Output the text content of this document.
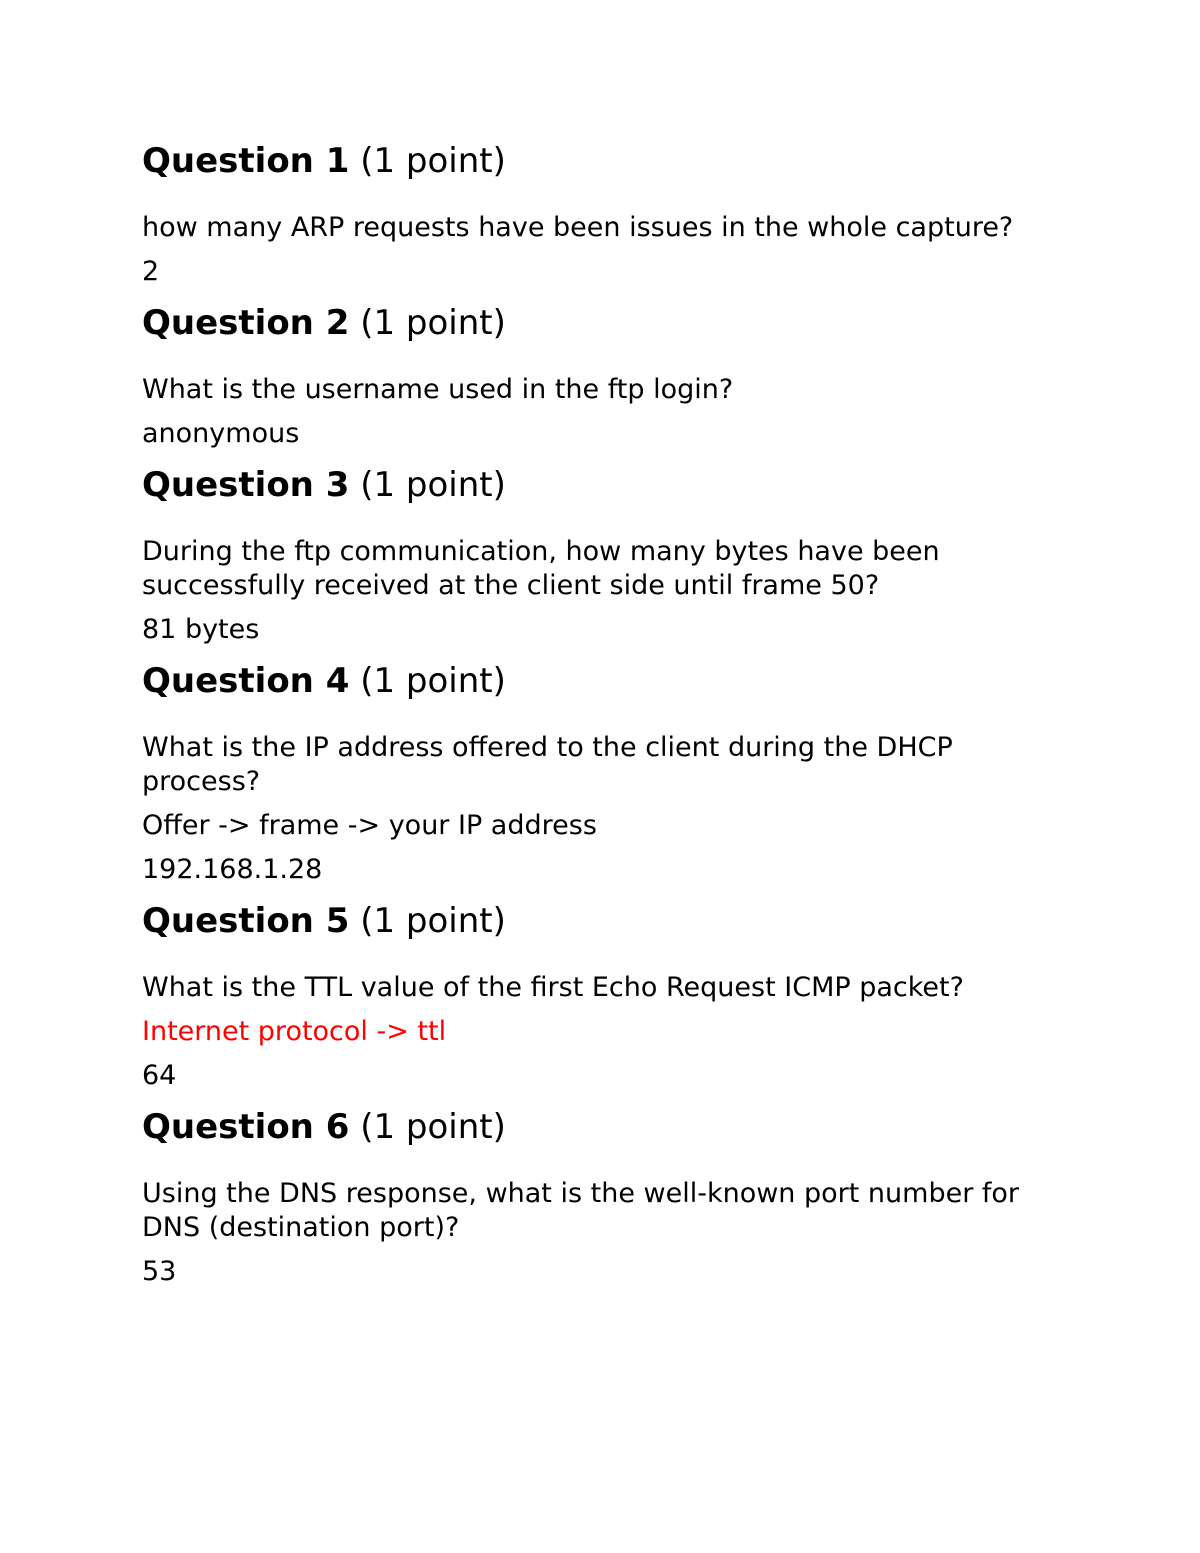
Question 1 (1 point)

how many ARP requests have been issues in the whole capture?

2

Question 2 (1 point)

What is the username used in the ftp login?

anonymous

Question 3 (1 point)

During the ftp communication, how many bytes have been successfully received at the client side until frame 50?

81 bytes

Question 4 (1 point)

What is the IP address offered to the client during the DHCP process?

Offer -> frame -> your IP address

192.168.1.28

Question 5 (1 point)

What is the TTL value of the first Echo Request ICMP packet?

Internet protocol -> ttl

64

Question 6 (1 point)

Using the DNS response, what is the well-known port number for DNS (destination port)?

53
